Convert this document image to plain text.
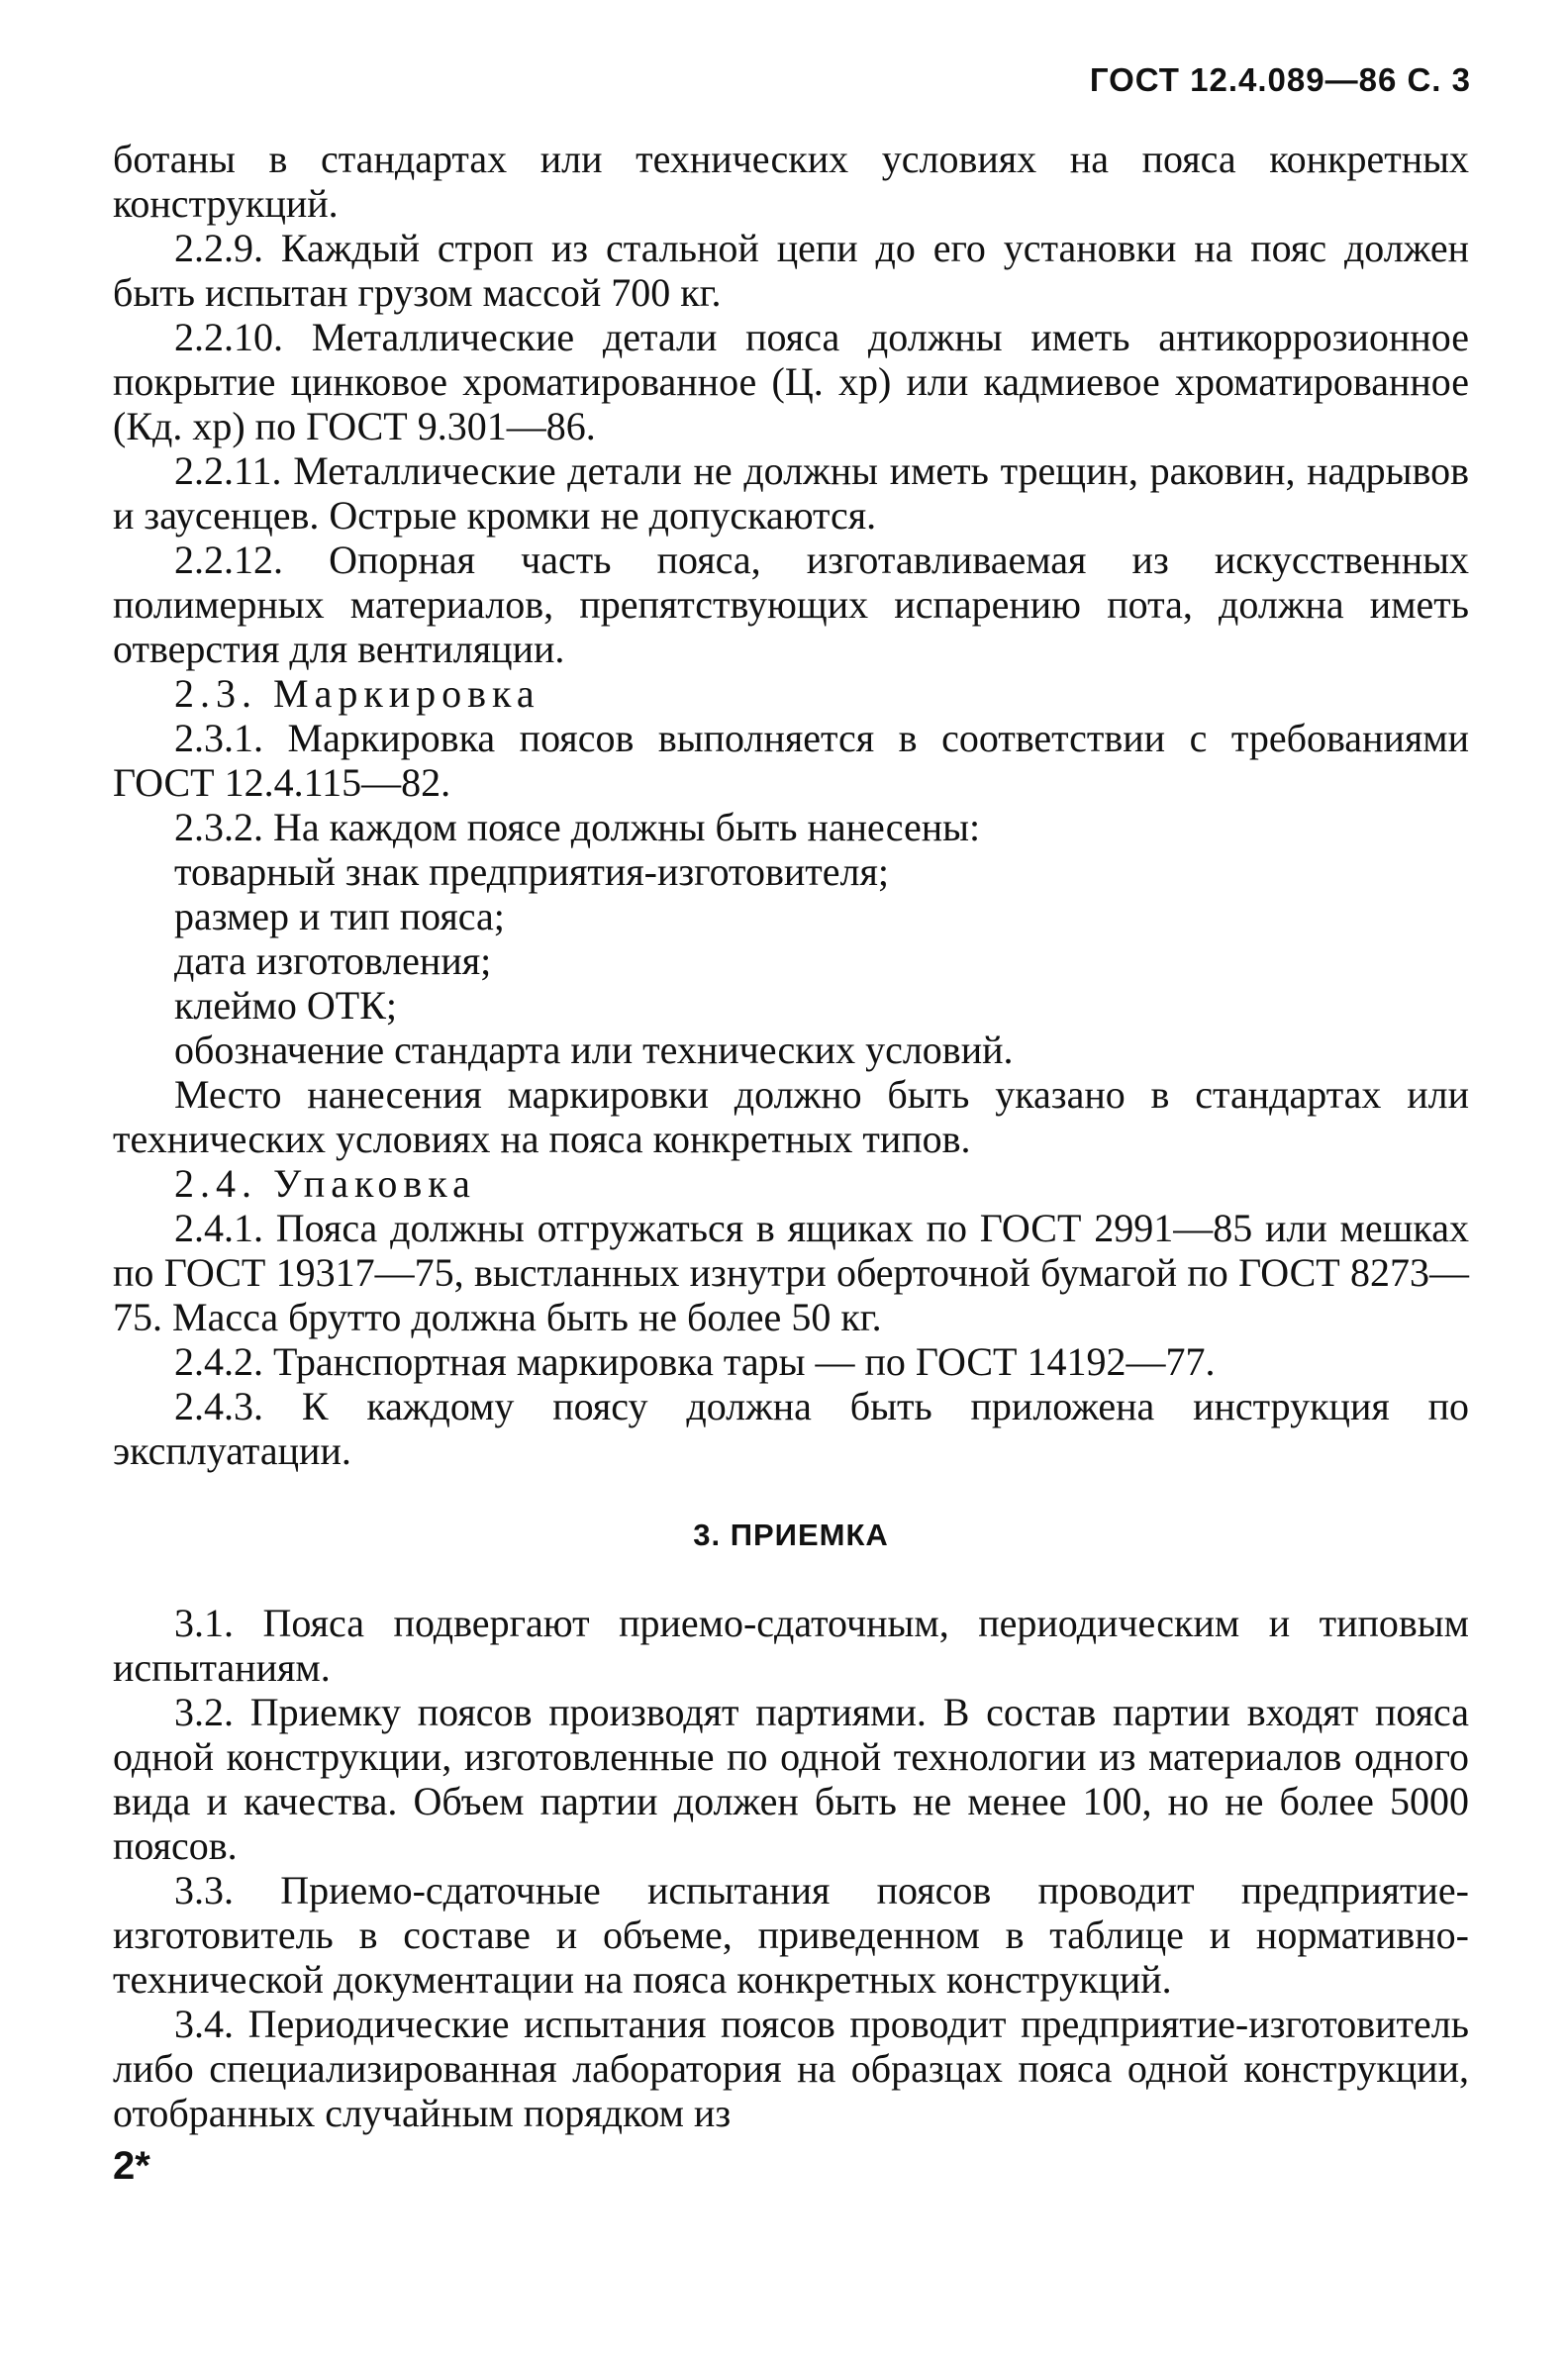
ГОСТ 12.4.089—86 С. 3

ботаны в стандартах или технических условиях на пояса конкретных конструкций.

2.2.9. Каждый строп из стальной цепи до его установки на пояс должен быть испытан грузом массой 700 кг.

2.2.10. Металлические детали пояса должны иметь антикоррозионное покрытие цинковое хроматированное (Ц. хр) или кадмиевое хроматированное (Кд. хр) по ГОСТ 9.301—86.

2.2.11. Металлические детали не должны иметь трещин, раковин, надрывов и заусенцев. Острые кромки не допускаются.

2.2.12. Опорная часть пояса, изготавливаемая из искусственных полимерных материалов, препятствующих испарению пота, должна иметь отверстия для вентиляции.

2.3. Маркировка

2.3.1. Маркировка поясов выполняется в соответствии с требованиями ГОСТ 12.4.115—82.

2.3.2. На каждом поясе должны быть нанесены:

товарный знак предприятия-изготовителя;

размер и тип пояса;

дата изготовления;

клеймо ОТК;

обозначение стандарта или технических условий.

Место нанесения маркировки должно быть указано в стандартах или технических условиях на пояса конкретных типов.

2.4. Упаковка

2.4.1. Пояса должны отгружаться в ящиках по ГОСТ 2991—85 или мешках по ГОСТ 19317—75, выстланных изнутри оберточной бумагой по ГОСТ 8273—75. Масса брутто должна быть не более 50 кг.

2.4.2. Транспортная маркировка тары — по ГОСТ 14192—77.

2.4.3. К каждому поясу должна быть приложена инструкция по эксплуатации.

3. ПРИЕМКА

3.1. Пояса подвергают приемо-сдаточным, периодическим и типовым испытаниям.

3.2. Приемку поясов производят партиями. В состав партии входят пояса одной конструкции, изготовленные по одной технологии из материалов одного вида и качества. Объем партии должен быть не менее 100, но не более 5000 поясов.

3.3. Приемо-сдаточные испытания поясов проводит предприятие-изготовитель в составе и объеме, приведенном в таблице и нормативно-технической документации на пояса конкретных конструкций.

3.4. Периодические испытания поясов проводит предприятие-изготовитель либо специализированная лаборатория на образцах пояса одной конструкции, отобранных случайным порядком из

2*
